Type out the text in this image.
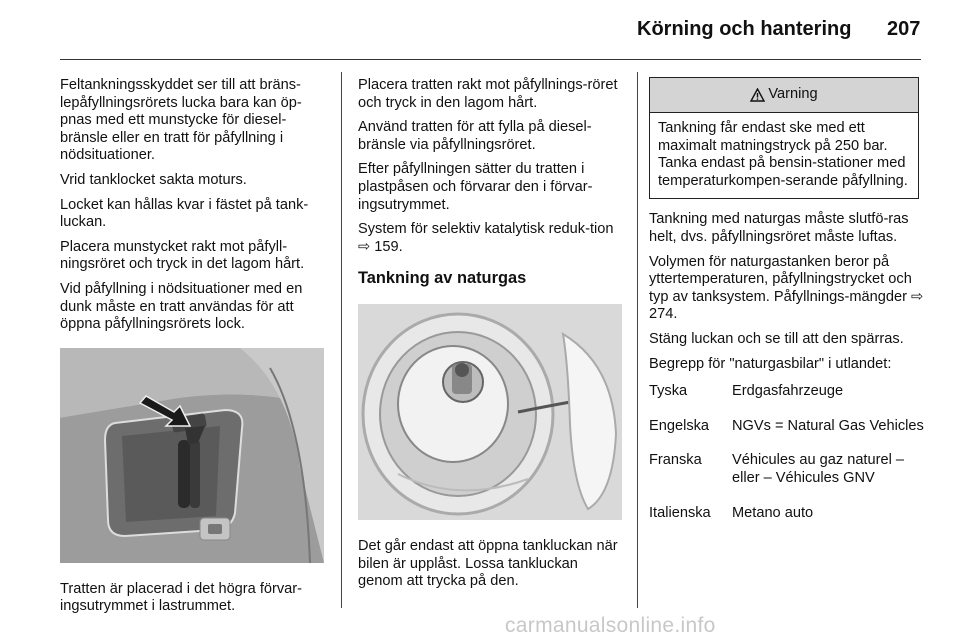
Körning och hantering 207

Feltankningsskyddet ser till att bräns-lepåfyllningsrörets lucka bara kan öp-pnas med ett munstycke för diesel-bränsle eller en tratt för påfyllning i nödsituationer.

Vrid tanklocket sakta moturs.

Locket kan hållas kvar i fästet på tank-luckan.

Placera munstycket rakt mot påfyll-ningsröret och tryck in det lagom hårt.

Vid påfyllning i nödsituationer med en dunk måste en tratt användas för att öppna påfyllningsrörets lock.

Tratten är placerad i det högra förvar-ingsutrymmet i lastrummet.

Placera tratten rakt mot påfyllnings-röret och tryck in den lagom hårt.

Använd tratten för att fylla på diesel-bränsle via påfyllningsröret.

Efter påfyllningen sätter du tratten i plastpåsen och förvarar den i förvar-ingsutrymmet.

System för selektiv katalytisk reduk-tion ⇨ 159.

Tankning av naturgas

Det går endast att öppna tankluckan när bilen är upplåst. Lossa tankluckan genom att trycka på den.

Varning
Tankning får endast ske med ett maximalt matningstryck på 250 bar. Tanka endast på bensin-stationer med temperaturkompen-serande påfyllning.

Tankning med naturgas måste slutfö-ras helt, dvs. påfyllningsröret måste luftas.

Volymen för naturgastanken beror på yttertemperaturen, påfyllningstrycket och typ av tanksystem. Påfyllnings-mängder ⇨ 274.

Stäng luckan och se till att den spärras.

Begrepp för "naturgasbilar" i utlandet:

Tyska	Erdgasfahrzeuge
Engelska	NGVs = Natural Gas Vehicles
Franska	Véhicules au gaz naturel – eller – Véhicules GNV
Italienska	Metano auto
carmanualsonline.info
